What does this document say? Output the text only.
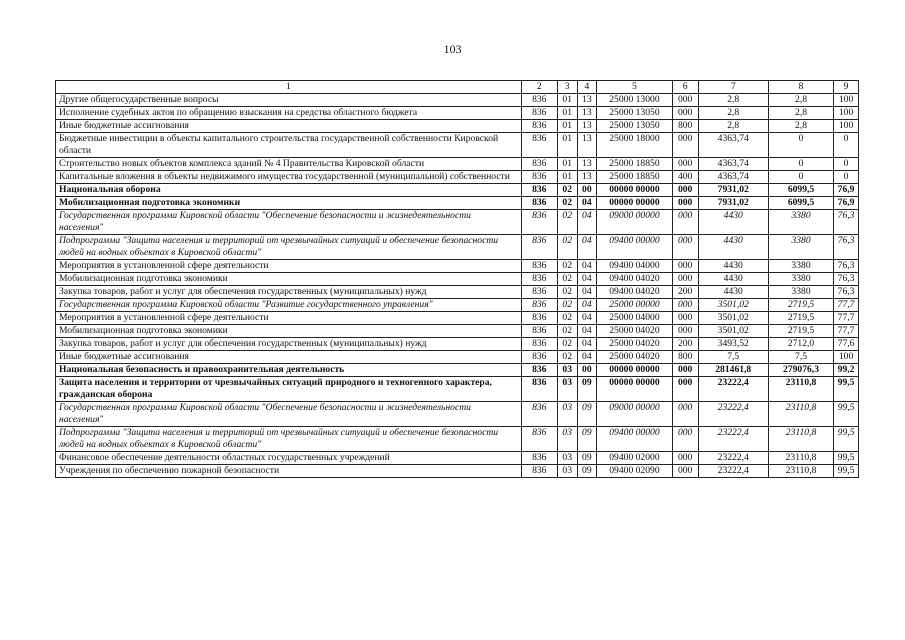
103
1	2	3	4	5	6	7	8	9
Другие общегосударственные вопросы	836	01	13	25000 13000	000	2,8	2,8	100
Исполнение судебных актов по обращению взыскания на средства областного бюджета	836	01	13	25000 13050	000	2,8	2,8	100
Иные бюджетные ассигнования	836	01	13	25000 13050	800	2,8	2,8	100
Бюджетные инвестиции в объекты капитального строительства государственной собственности Кировской области	836	01	13	25000 18000	000	4363,74	0	0
Строительство новых объектов комплекса зданий № 4 Правительства Кировской области	836	01	13	25000 18850	000	4363,74	0	0
Капитальные вложения в объекты недвижимого имущества государственной (муниципальной) собственности	836	01	13	25000 18850	400	4363,74	0	0
Национальная оборона	836	02	00	00000 00000	000	7931,02	6099,5	76,9
Мобилизационная подготовка экономики	836	02	04	00000 00000	000	7931,02	6099,5	76,9
Государственная программа Кировской области "Обеспечение безопасности и жизнедеятельности населения"	836	02	04	09000 00000	000	4430	3380	76,3
Подпрограмма "Защита населения и территорий от чрезвычайных ситуаций и обеспечение безопасности людей на водных объектах в Кировской области"	836	02	04	09400 00000	000	4430	3380	76,3
Мероприятия в установленной сфере деятельности	836	02	04	09400 04000	000	4430	3380	76,3
Мобилизационная подготовка экономики	836	02	04	09400 04020	000	4430	3380	76,3
Закупка товаров, работ и услуг для обеспечения государственных (муниципальных) нужд	836	02	04	09400 04020	200	4430	3380	76,3
Государственная программа Кировской области "Развитие государственного управления"	836	02	04	25000 00000	000	3501,02	2719,5	77,7
Мероприятия в установленной сфере деятельности	836	02	04	25000 04000	000	3501,02	2719,5	77,7
Мобилизационная подготовка экономики	836	02	04	25000 04020	000	3501,02	2719,5	77,7
Закупка товаров, работ и услуг для обеспечения государственных (муниципальных) нужд	836	02	04	25000 04020	200	3493,52	2712,0	77,6
Иные бюджетные ассигнования	836	02	04	25000 04020	800	7,5	7,5	100
Национальная безопасность и правоохранительная деятельность	836	03	00	00000 00000	000	281461,8	279076,3	99,2
Защита населения и территории от чрезвычайных ситуаций природного и техногенного характера, гражданская оборона	836	03	09	00000 00000	000	23222,4	23110,8	99,5
Государственная программа Кировской области "Обеспечение безопасности и жизнедеятельности населения"	836	03	09	09000 00000	000	23222,4	23110,8	99,5
Подпрограмма "Защита населения и территорий от чрезвычайных ситуаций и обеспечение безопасности людей на водных объектах в Кировской области"	836	03	09	09400 00000	000	23222,4	23110,8	99,5
Финансовое обеспечение деятельности областных государственных учреждений	836	03	09	09400 02000	000	23222,4	23110,8	99,5
Учреждения по обеспечению пожарной безопасности	836	03	09	09400 02090	000	23222,4	23110,8	99,5
